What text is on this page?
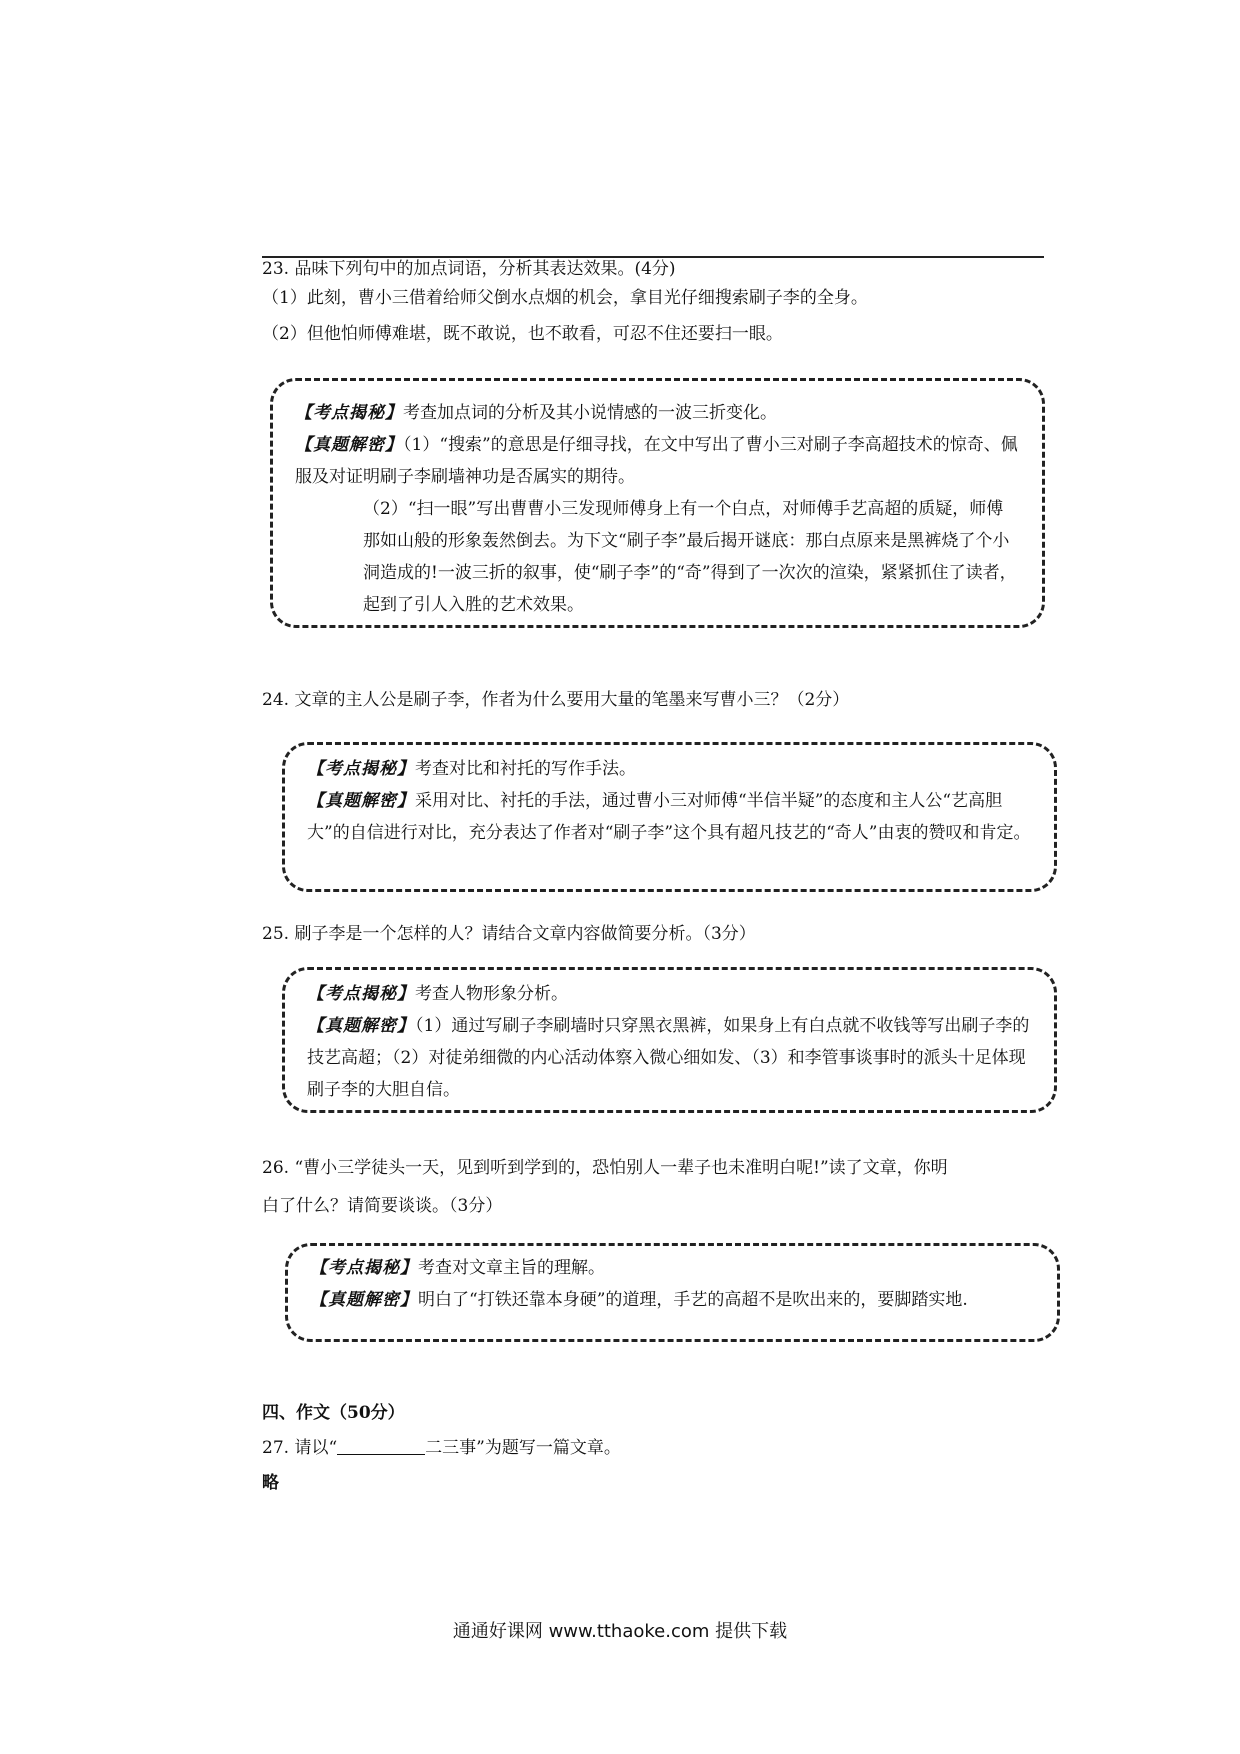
23. 品味下列句中的加点词语，分析其表达效果。(4分)
（1）此刻，曹小三借着给师父倒水点烟的机会，拿目光仔细搜索刷子李的全身。
（2）但他怕师傅难堪，既不敢说，也不敢看，可忍不住还要扫一眼。

【考点揭秘】考查加点词的分析及其小说情感的一波三折变化。

【真题解密】（1）“搜索”的意思是仔细寻找，在文中写出了曹小三对刷子李高超技术的惊奇、佩服及对证明刷子李刷墙神功是否属实的期待。

（2）“扫一眼”写出曹曹小三发现师傅身上有一个白点，对师傅手艺高超的质疑，师傅那如山般的形象轰然倒去。为下文“刷子李”最后揭开谜底：那白点原来是黑裤烧了个小洞造成的!一波三折的叙事，使“刷子李”的“奇”得到了一次次的渲染，紧紧抓住了读者，起到了引人入胜的艺术效果。

24. 文章的主人公是刷子李，作者为什么要用大量的笔墨来写曹小三？（2分）

【考点揭秘】考查对比和衬托的写作手法。

【真题解密】采用对比、衬托的手法，通过曹小三对师傅“半信半疑”的态度和主人公“艺高胆大”的自信进行对比，充分表达了作者对“刷子李”这个具有超凡技艺的“奇人”由衷的赞叹和肯定。

25. 刷子李是一个怎样的人？请结合文章内容做简要分析。（3分）

【考点揭秘】考查人物形象分析。

【真题解密】（1）通过写刷子李刷墙时只穿黑衣黑裤，如果身上有白点就不收钱等写出刷子李的技艺高超；（2）对徒弟细微的内心活动体察入微心细如发、（3）和李管事谈事时的派头十足体现刷子李的大胆自信。

26. “曹小三学徒头一天，见到听到学到的，恐怕别人一辈子也未准明白呢!”读了文章，你明
白了什么？请简要谈谈。（3分）

【考点揭秘】考查对文章主旨的理解。

【真题解密】明白了“打铁还靠本身硬”的道理，手艺的高超不是吹出来的，要脚踏实地.

四、作文（50分）
27. 请以“	二三事”为题写一篇文章。
略
通通好课网 www.tthaoke.com 提供下载
